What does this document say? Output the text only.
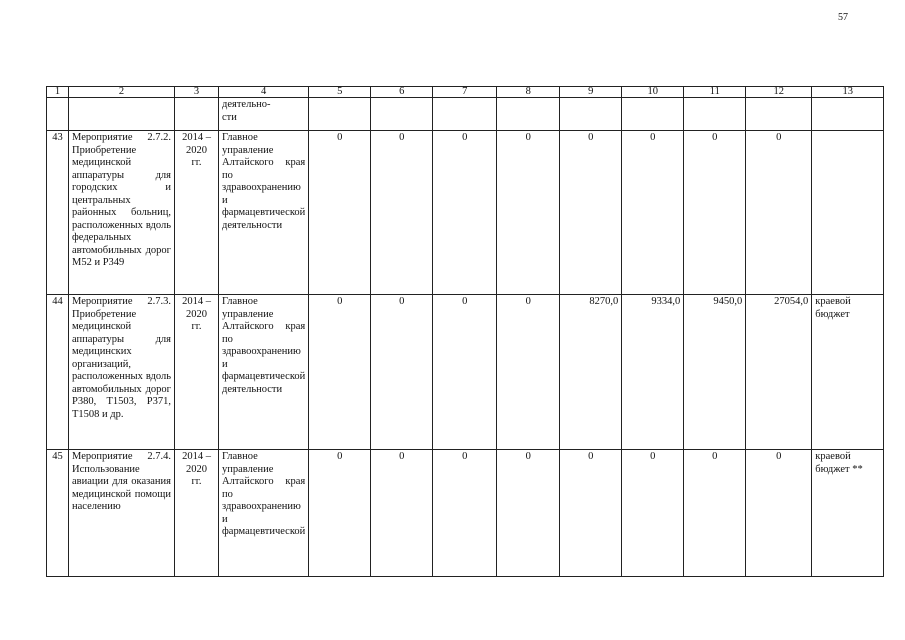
57
1	2	3	4	5	6	7	8	9	10	11	12	13
			деятельно-
сти									
43	Мероприятие 2.7.2. Приобретение медицинской аппаратуры для городских и центральных районных больниц, расположенных вдоль федеральных автомобильных дорог М52 и Р349	2014 –
2020
гг.	Главное управление Алтайского края по здравоохранению и фармацевтической деятельности	0	0	0	0	0	0	0	0	
44	Мероприятие 2.7.3. Приобретение медицинской аппаратуры для медицинских организаций, расположенных вдоль автомобильных дорог Р380, Т1503, Р371, Т1508 и др.	2014 –
2020
гг.	Главное управление Алтайского края по здравоохранению и фармацевтической деятельности	0	0	0	0	8270,0	9334,0	9450,0	27054,0	краевой бюджет
45	Мероприятие 2.7.4. Использование авиации для оказания медицинской помощи населению	2014 –
2020
гг.	Главное управление Алтайского края по здравоохранению и фармацевтической	0	0	0	0	0	0	0	0	краевой бюджет **
